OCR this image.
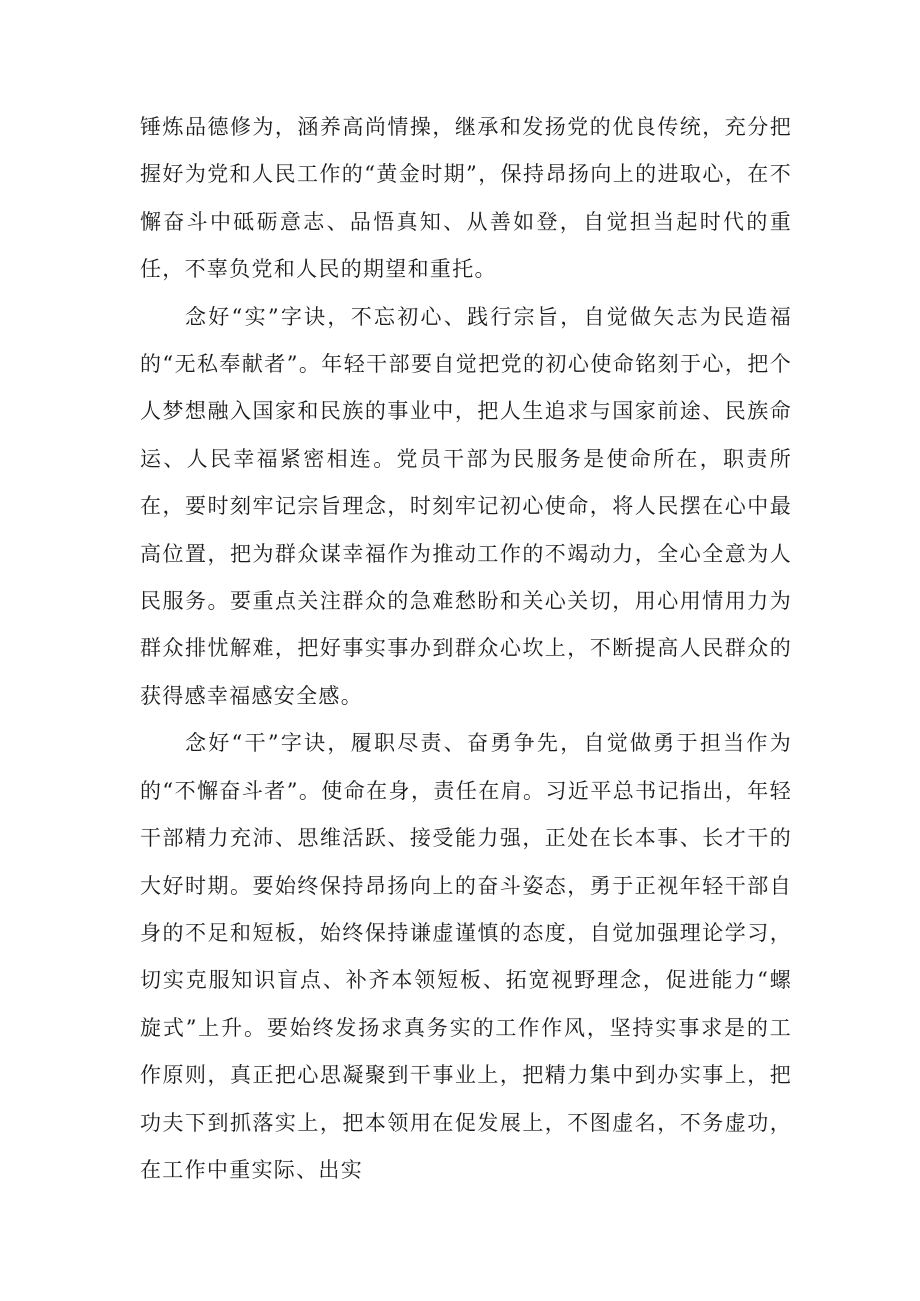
锤炼品德修为，涵养高尚情操，继承和发扬党的优良传统，充分把握好为党和人民工作的“黄金时期”，保持昂扬向上的进取心，在不懈奋斗中砥砺意志、品悟真知、从善如登，自觉担当起时代的重任，不辜负党和人民的期望和重托。

念好“实”字诀，不忘初心、践行宗旨，自觉做矢志为民造福的“无私奉献者”。年轻干部要自觉把党的初心使命铭刻于心，把个人梦想融入国家和民族的事业中，把人生追求与国家前途、民族命运、人民幸福紧密相连。党员干部为民服务是使命所在，职责所在，要时刻牢记宗旨理念，时刻牢记初心使命，将人民摆在心中最高位置，把为群众谋幸福作为推动工作的不竭动力，全心全意为人民服务。要重点关注群众的急难愁盼和关心关切，用心用情用力为群众排忧解难，把好事实事办到群众心坎上，不断提高人民群众的获得感幸福感安全感。

念好“干”字诀，履职尽责、奋勇争先，自觉做勇于担当作为的“不懈奋斗者”。使命在身，责任在肩。习近平总书记指出，年轻干部精力充沛、思维活跃、接受能力强，正处在长本事、长才干的大好时期。要始终保持昂扬向上的奋斗姿态，勇于正视年轻干部自身的不足和短板，始终保持谦虚谨慎的态度，自觉加强理论学习，切实克服知识盲点、补齐本领短板、拓宽视野理念，促进能力“螺旋式”上升。要始终发扬求真务实的工作作风，坚持实事求是的工作原则，真正把心思凝聚到干事业上，把精力集中到办实事上，把功夫下到抓落实上，把本领用在促发展上，不图虚名，不务虚功，在工作中重实际、出实
